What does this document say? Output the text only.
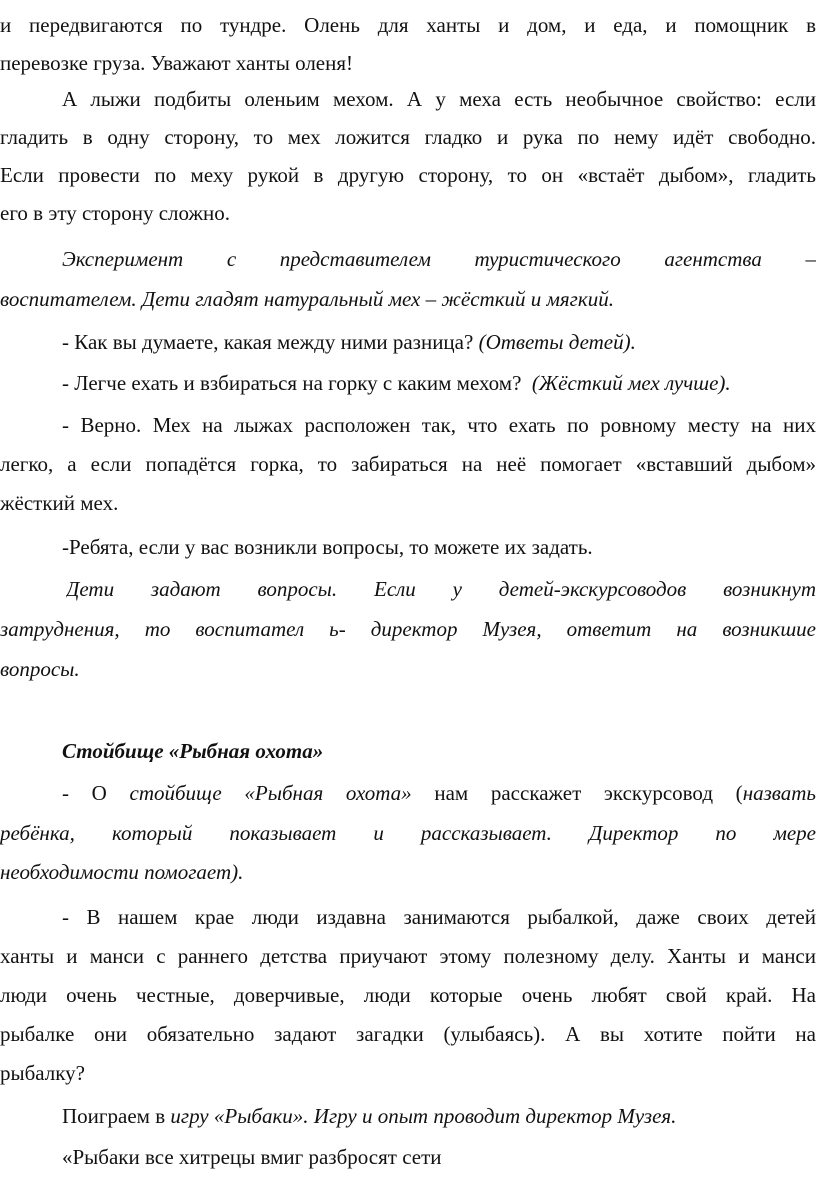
и передвигаются по тундре. Олень для ханты и дом, и еда, и помощник в
перевозке груза. Уважают ханты оленя!
А лыжи подбиты оленьим мехом. А у меха есть необычное свойство: если
гладить в одну сторону, то мех ложится гладко и рука по нему идёт свободно.
Если провести по меху рукой в другую сторону, то он «встаёт дыбом», гладить
его в эту сторону сложно.
Эксперимент с представителем туристического агентства –
воспитателем. Дети гладят натуральный мех – жёсткий и мягкий.
- Как вы думаете, какая между ними разница? (Ответы детей).
- Легче ехать и взбираться на горку с каким мехом? (Жёсткий мех лучше).
- Верно. Мех на лыжах расположен так, что ехать по ровному месту на них
легко, а если попадётся горка, то забираться на неё помогает «вставший дыбом»
жёсткий мех.
-Ребята, если у вас возникли вопросы, то можете их задать.
Дети задают вопросы. Если у детей-экскурсоводов возникнут
затруднения, то воспитател ь- директор Музея, ответит на возникшие
вопросы.
Стойбище «Рыбная охота»
- О стойбище «Рыбная охота» нам расскажет экскурсовод (назвать
ребёнка, который показывает и рассказывает. Директор по мере
необходимости помогает).
- В нашем крае люди издавна занимаются рыбалкой, даже своих детей
ханты и манси с раннего детства приучают этому полезному делу. Ханты и манси
люди очень честные, доверчивые, люди которые очень любят свой край. На
рыбалке они обязательно задают загадки (улыбаясь). А вы хотите пойти на
рыбалку?
Поиграем в игру «Рыбаки». Игру и опыт проводит директор Музея.
«Рыбаки все хитрецы вмиг разбросят сети
